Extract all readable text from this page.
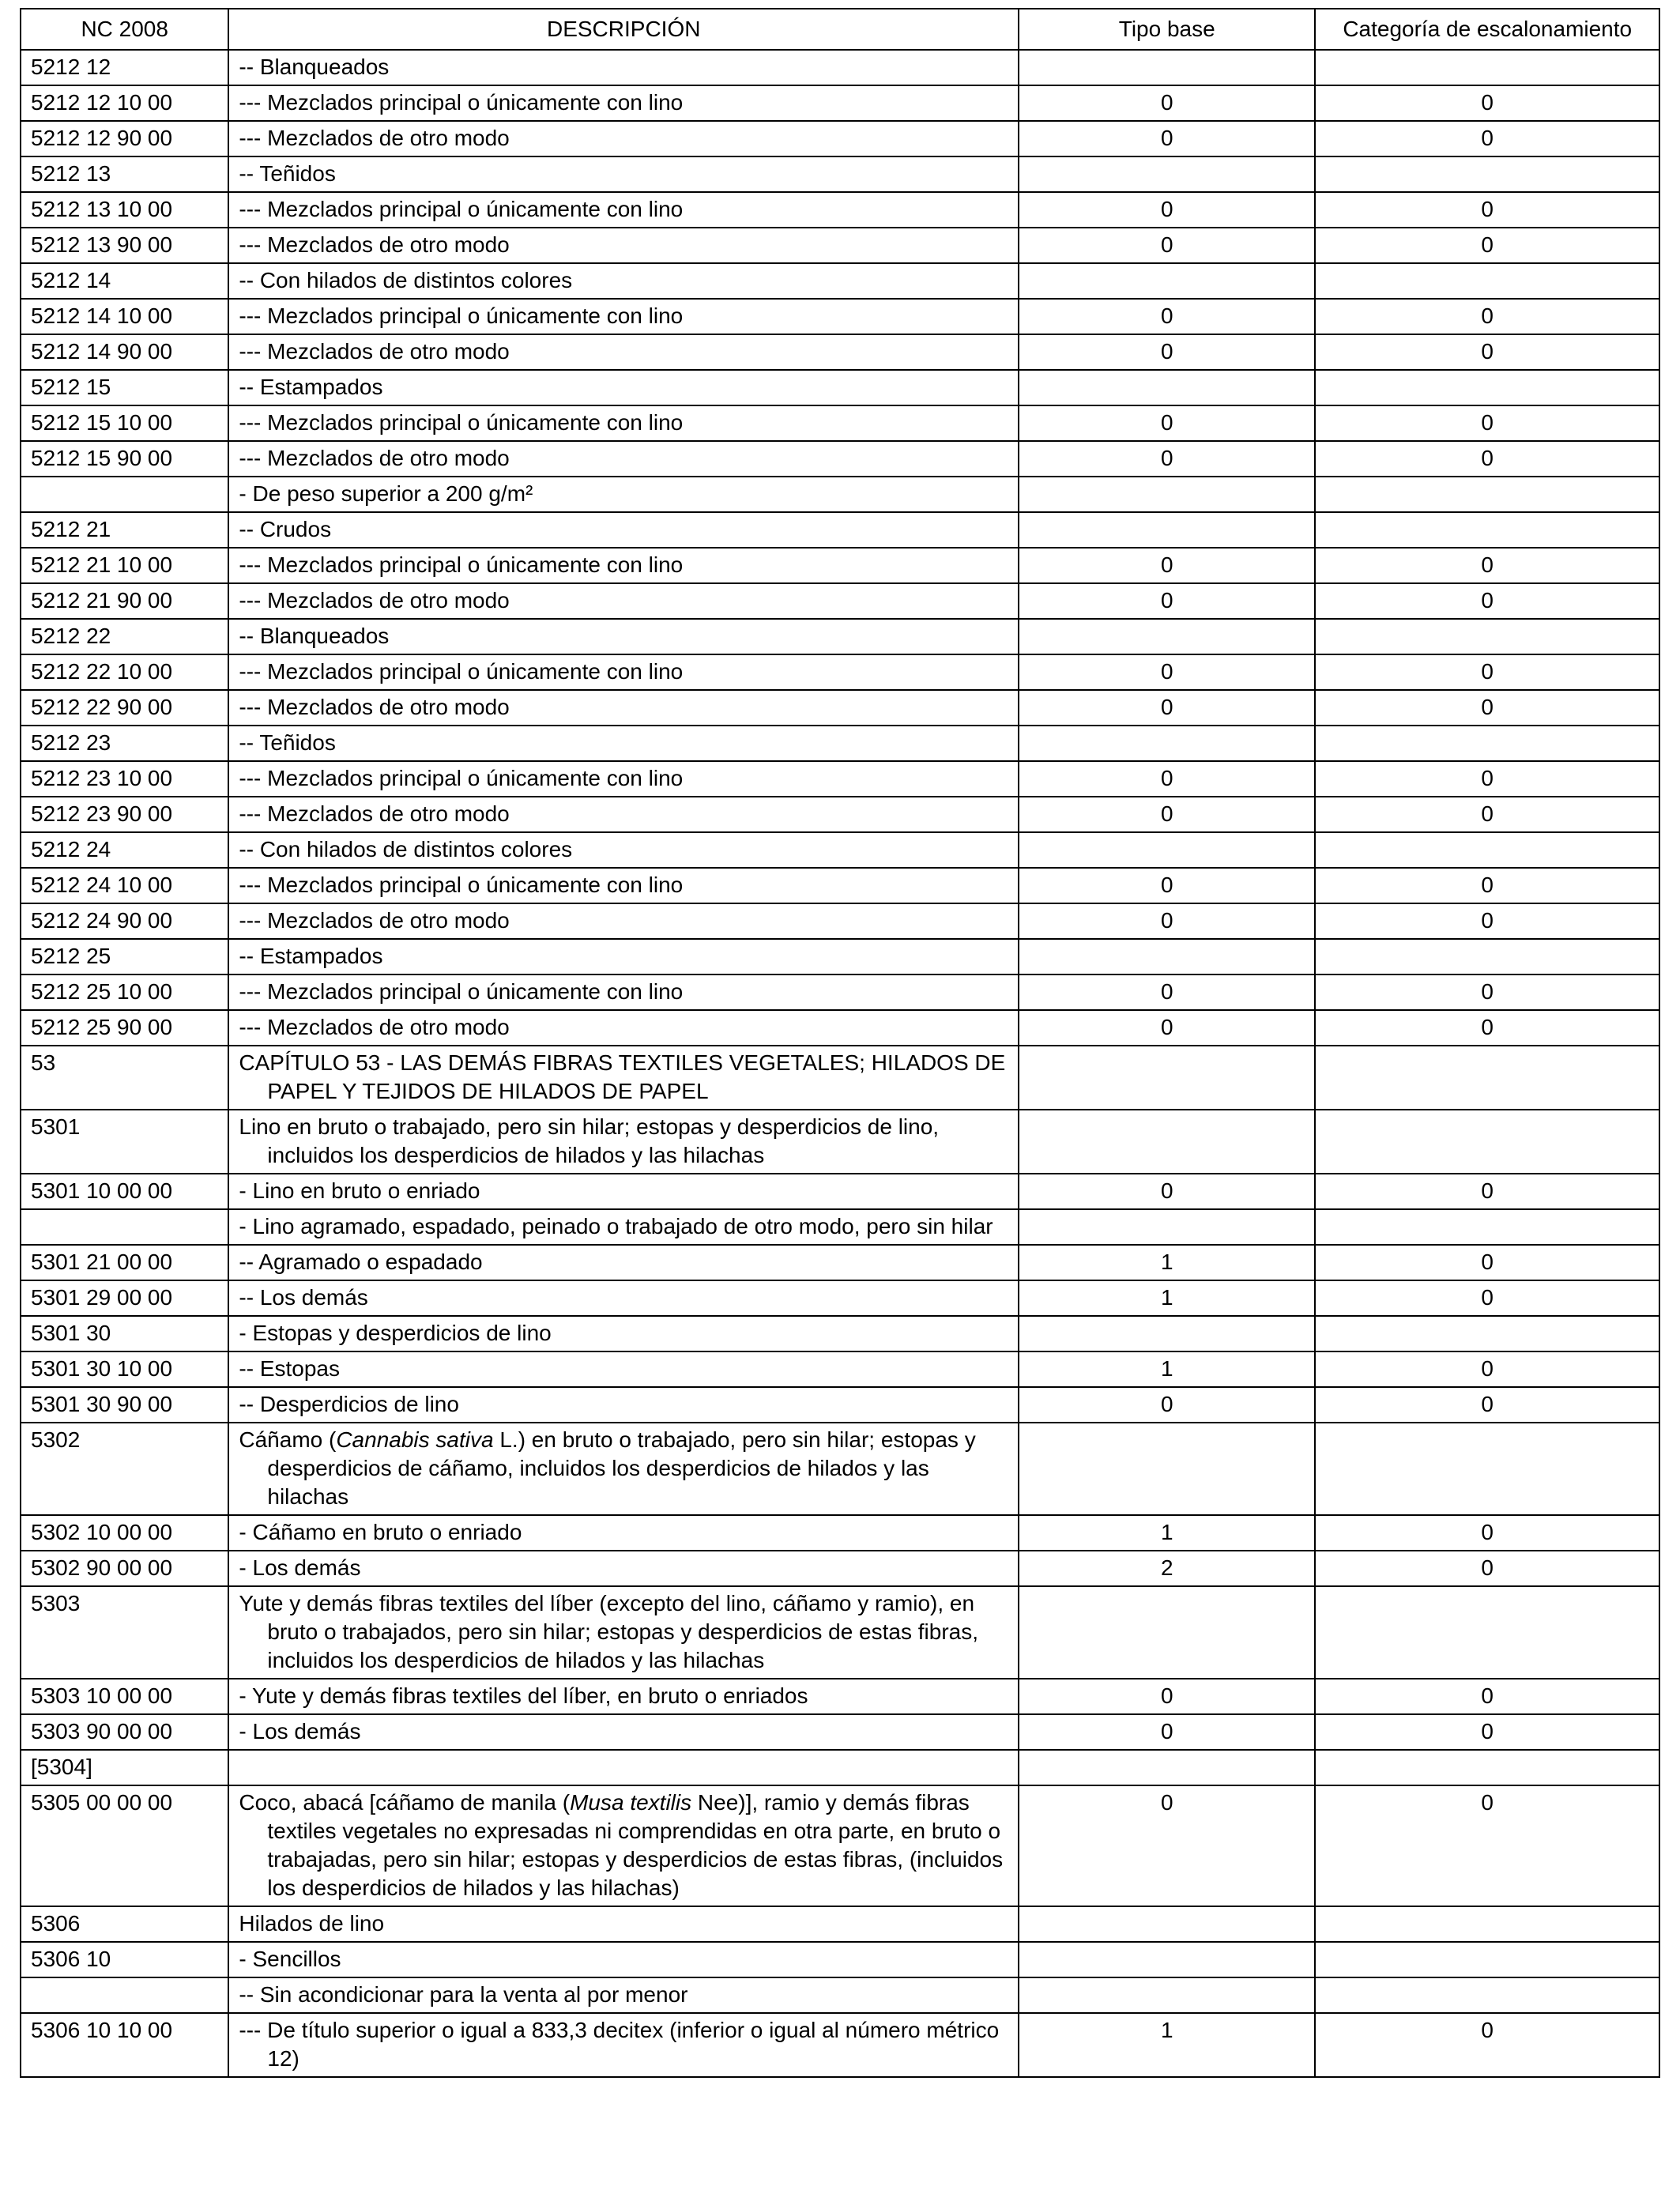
NC 2008	DESCRIPCIÓN	Tipo base	Categoría de escalonamiento
5212 12	-- Blanqueados		

5212 12 10 00	--- Mezclados principal o únicamente con lino	0	0
5212 12 90 00	--- Mezclados de otro modo	0	0
5212 13	-- Teñidos		

5212 13 10 00	--- Mezclados principal o únicamente con lino	0	0
5212 13 90 00	--- Mezclados de otro modo	0	0
5212 14	-- Con hilados de distintos colores		

5212 14 10 00	--- Mezclados principal o únicamente con lino	0	0
5212 14 90 00	--- Mezclados de otro modo	0	0
5212 15	-- Estampados		

5212 15 10 00	--- Mezclados principal o únicamente con lino	0	0
5212 15 90 00	--- Mezclados de otro modo	0	0

	- De peso superior a 200 g/m²		

5212 21	-- Crudos		

5212 21 10 00	--- Mezclados principal o únicamente con lino	0	0
5212 21 90 00	--- Mezclados de otro modo	0	0
5212 22	-- Blanqueados		

5212 22 10 00	--- Mezclados principal o únicamente con lino	0	0
5212 22 90 00	--- Mezclados de otro modo	0	0
5212 23	-- Teñidos		

5212 23 10 00	--- Mezclados principal o únicamente con lino	0	0
5212 23 90 00	--- Mezclados de otro modo	0	0
5212 24	-- Con hilados de distintos colores		

5212 24 10 00	--- Mezclados principal o únicamente con lino	0	0
5212 24 90 00	--- Mezclados de otro modo	0	0
5212 25	-- Estampados		

5212 25 10 00	--- Mezclados principal o únicamente con lino	0	0
5212 25 90 00	--- Mezclados de otro modo	0	0
53	CAPÍTULO 53 - LAS DEMÁS FIBRAS TEXTILES VEGETALES; HILADOS DE PAPEL Y TEJIDOS DE HILADOS DE PAPEL		

5301	Lino en bruto o trabajado, pero sin hilar; estopas y desperdicios de lino, incluidos los desperdicios de hilados y las hilachas		

5301 10 00 00	- Lino en bruto o enriado	0	0

	- Lino agramado, espadado, peinado o trabajado de otro modo, pero sin hilar		

5301 21 00 00	-- Agramado o espadado	1	0
5301 29 00 00	-- Los demás	1	0
5301 30	- Estopas y desperdicios de lino		

5301 30 10 00	-- Estopas	1	0
5301 30 90 00	-- Desperdicios de lino	0	0
5302	Cáñamo (Cannabis sativa L.) en bruto o trabajado, pero sin hilar; estopas y desperdicios de cáñamo, incluidos los desperdicios de hilados y las hilachas		

5302 10 00 00	- Cáñamo en bruto o enriado	1	0
5302 90 00 00	- Los demás	2	0
5303	Yute y demás fibras textiles del líber (excepto del lino, cáñamo y ramio), en bruto o trabajados, pero sin hilar; estopas y desperdicios de estas fibras, incluidos los desperdicios de hilados y las hilachas		

5303 10 00 00	- Yute y demás fibras textiles del líber, en bruto o enriados	0	0
5303 90 00 00	- Los demás	0	0
[5304]	

5305 00 00 00	Coco, abacá [cáñamo de manila (Musa textilis Nee)], ramio y demás fibras textiles vegetales no expresadas ni comprendidas en otra parte, en bruto o trabajadas, pero sin hilar; estopas y desperdicios de estas fibras, (incluidos los desperdicios de hilados y las hilachas)	0	0
5306	Hilados de lino		

5306 10	- Sencillos		

	-- Sin acondicionar para la venta al por menor		

5306 10 10 00	--- De título superior o igual a 833,3 decitex (inferior o igual al número métrico 12)	1	0
